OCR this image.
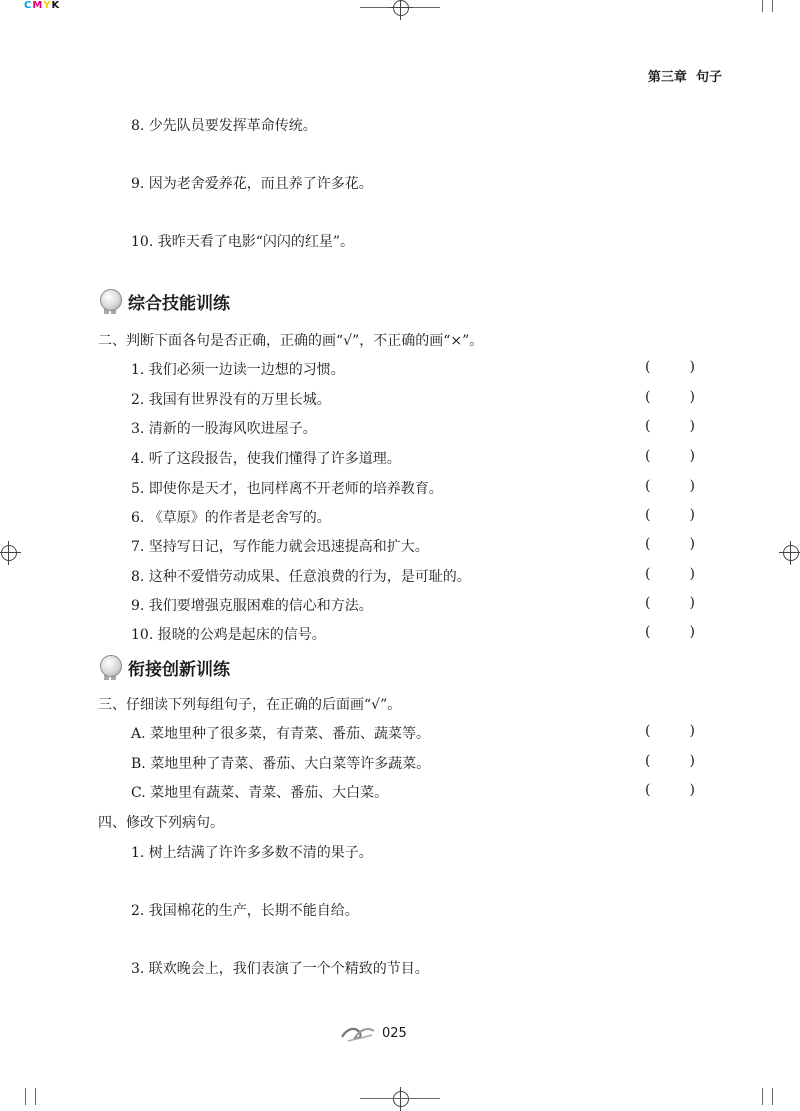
CMYK
第三章 句子
8. 少先队员要发挥革命传统。
9. 因为老舍爱养花，而且养了许多花。
10. 我昨天看了电影“闪闪的红星”。
综合技能训练
二、判断下面各句是否正确，正确的画“√”，不正确的画“×”。
1. 我们必须一边读一边想的习惯。	(	)
2. 我国有世界没有的万里长城。	(	)
3. 清新的一股海风吹进屋子。	(	)
4. 听了这段报告，使我们懂得了许多道理。	(	)
5. 即使你是天才，也同样离不开老师的培养教育。	(	)
6. 《草原》的作者是老舍写的。	(	)
7. 坚持写日记，写作能力就会迅速提高和扩大。	(	)
8. 这种不爱惜劳动成果、任意浪费的行为，是可耻的。	(	)
9. 我们要增强克服困难的信心和方法。	(	)
10. 报晓的公鸡是起床的信号。	(	)
衔接创新训练
三、仔细读下列每组句子，在正确的后面画“√”。
A. 菜地里种了很多菜，有青菜、番茄、蔬菜等。	(	)
B. 菜地里种了青菜、番茄、大白菜等许多蔬菜。	(	)
C. 菜地里有蔬菜、青菜、番茄、大白菜。	(	)
四、修改下列病句。
1. 树上结满了许许多多数不清的果子。
2. 我国棉花的生产，长期不能自给。
3. 联欢晚会上，我们表演了一个个精致的节目。
025
